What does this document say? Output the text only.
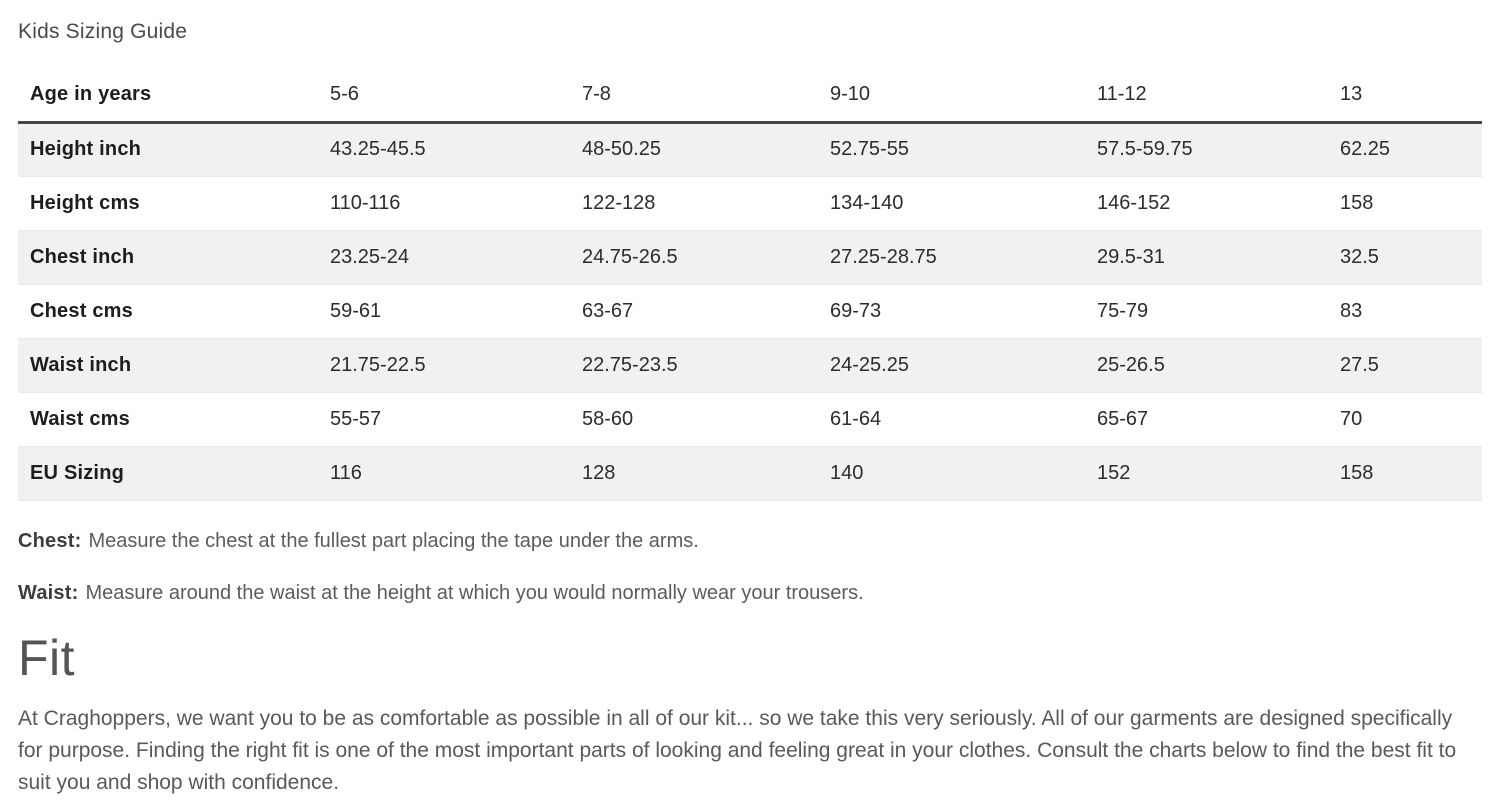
Kids Sizing Guide
Age in years	5-6	7-8	9-10	11-12	13
Height inch	43.25-45.5	48-50.25	52.75-55	57.5-59.75	62.25
Height cms	110-116	122-128	134-140	146-152	158
Chest inch	23.25-24	24.75-26.5	27.25-28.75	29.5-31	32.5
Chest cms	59-61	63-67	69-73	75-79	83
Waist inch	21.75-22.5	22.75-23.5	24-25.25	25-26.5	27.5
Waist cms	55-57	58-60	61-64	65-67	70
EU Sizing	116	128	140	152	158

Chest: Measure the chest at the fullest part placing the tape under the arms.

Waist: Measure around the waist at the height at which you would normally wear your trousers.

Fit

At Craghoppers, we want you to be as comfortable as possible in all of our kit... so we take this very seriously. All of our garments are designed specifically for purpose. Finding the right fit is one of the most important parts of looking and feeling great in your clothes. Consult the charts below to find the best fit to suit you and shop with confidence.
